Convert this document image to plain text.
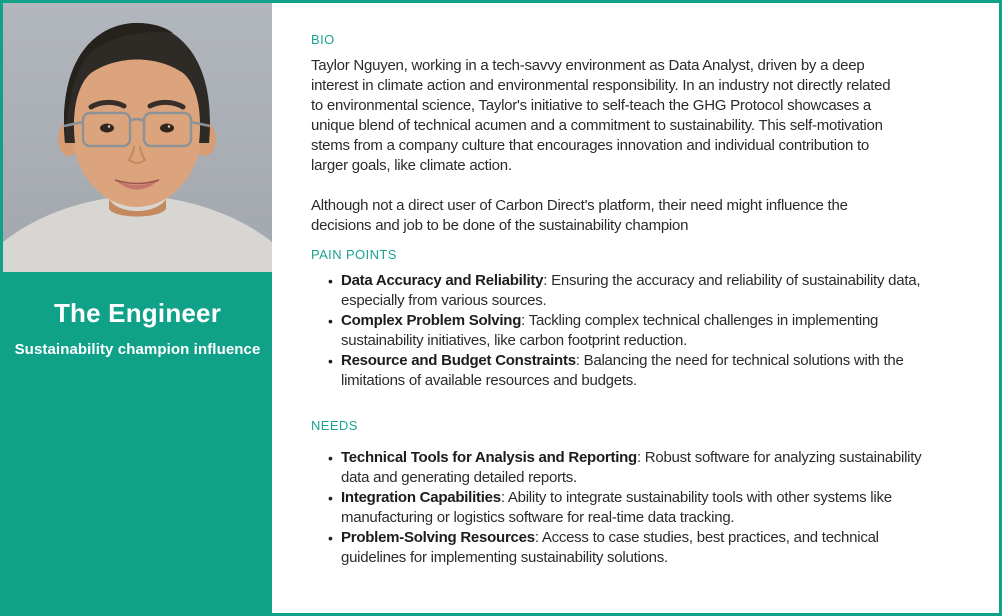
The Engineer
Sustainability champion influence
BIO

Taylor Nguyen, working in a tech-savvy environment as Data Analyst, driven by a deep interest in climate action and environmental responsibility. In an industry not directly related to environmental science, Taylor's initiative to self-teach the GHG Protocol showcases a unique blend of technical acumen and a commitment to sustainability. This self-motivation stems from a company culture that encourages innovation and individual contribution to larger goals, like climate action.

Although not a direct user of Carbon Direct's platform, their need might influence the decisions and job to be done of the sustainability champion

PAIN POINTS
• Data Accuracy and Reliability: Ensuring the accuracy and reliability of sustainability data, especially from various sources.
• Complex Problem Solving: Tackling complex technical challenges in implementing sustainability initiatives, like carbon footprint reduction.
• Resource and Budget Constraints: Balancing the need for technical solutions with the limitations of available resources and budgets.
NEEDS
• Technical Tools for Analysis and Reporting: Robust software for analyzing sustainability data and generating detailed reports.
• Integration Capabilities: Ability to integrate sustainability tools with other systems like manufacturing or logistics software for real-time data tracking.
• Problem-Solving Resources: Access to case studies, best practices, and technical guidelines for implementing sustainability solutions.
